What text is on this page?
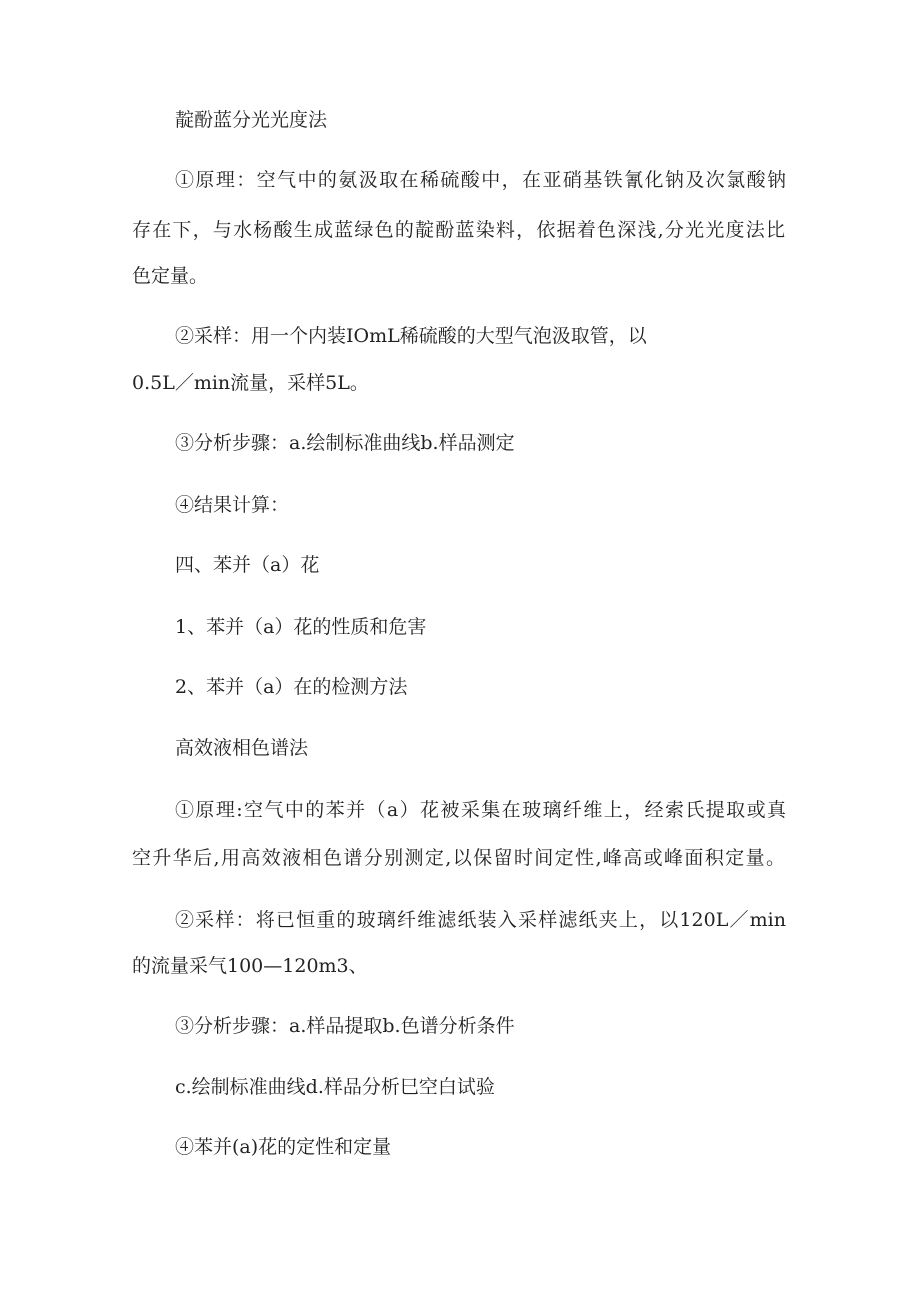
靛酚蓝分光光度法
①原理：空气中的氨汲取在稀硫酸中，在亚硝基铁氰化钠及次氯酸钠
存在下，与水杨酸生成蓝绿色的靛酚蓝染料，依据着色深浅,分光光度法比
色定量。
②采样：用一个内装IOmL稀硫酸的大型气泡汲取管，以
0.5L／min流量，采样5L。
③分析步骤：a.绘制标准曲线b.样品测定
④结果计算：
四、苯并（a）花
1、苯并（a）花的性质和危害
2、苯并（a）在的检测方法
高效液相色谱法
①原理:空气中的苯并（a）花被采集在玻璃纤维上，经索氏提取或真
空升华后,用高效液相色谱分别测定,以保留时间定性,峰高或峰面积定量。
②采样：将已恒重的玻璃纤维滤纸装入采样滤纸夹上，以120L／min
的流量采气100—120m3、
③分析步骤：a.样品提取b.色谱分析条件
c.绘制标准曲线d.样品分析巳空白试验
④苯并(a)花的定性和定量
